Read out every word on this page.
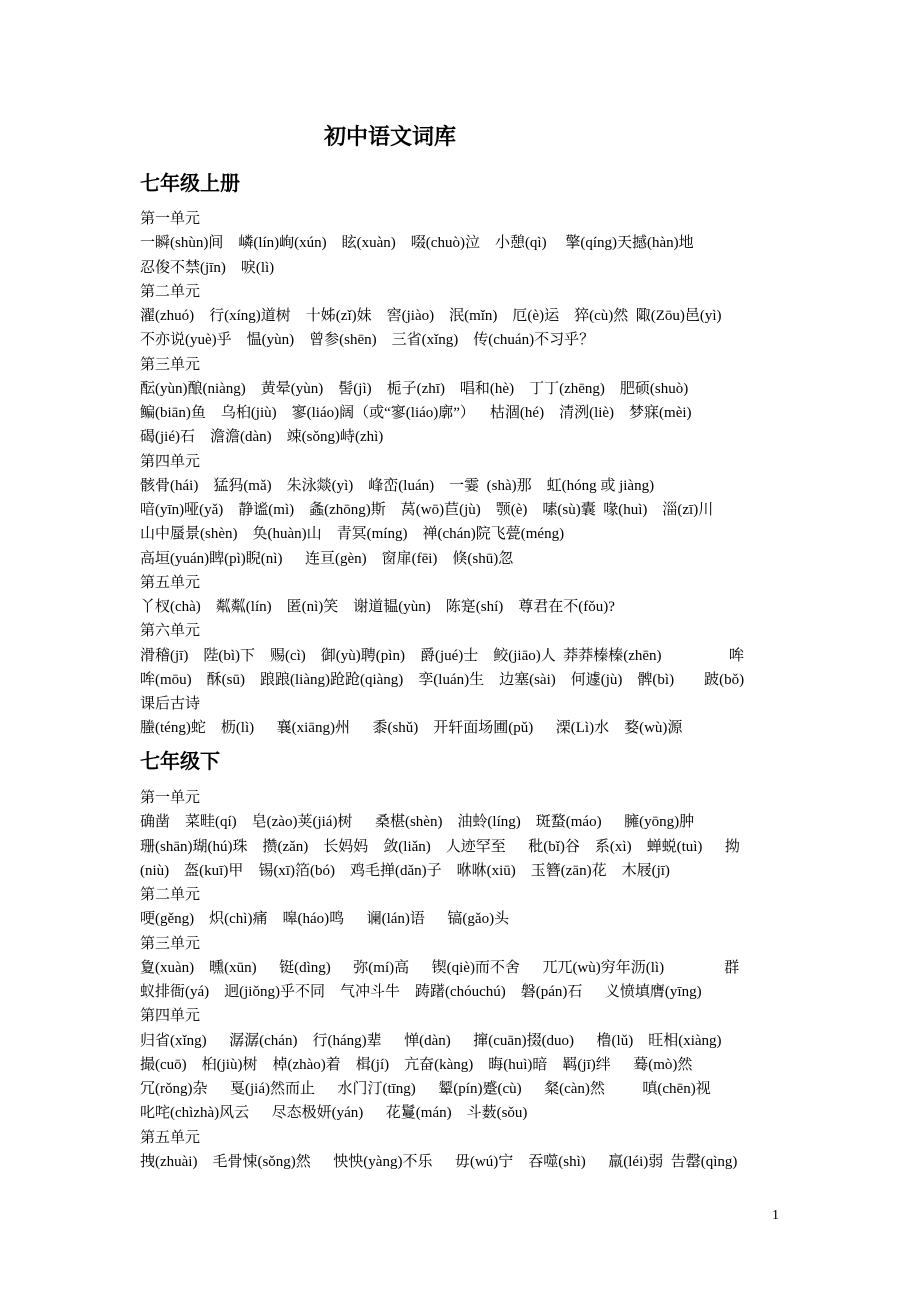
初中语文词库
七年级上册
第一单元
一瞬(shùn)间    嶙(lín)峋(xún)    眩(xuàn)    啜(chuò)泣    小憩(qì)     擎(qíng)天撼(hàn)地
忍俊不禁(jīn)    唳(lì)
第二单元
濯(zhuó)    行(xíng)道树    十姊(zǐ)妹    窖(jiào)    泯(mǐn)    厄(è)运    猝(cù)然  陬(Zōu)邑(yì)
不亦说(yuè)乎    愠(yùn)    曾参(shēn)    三省(xǐng)    传(chuán)不习乎？
第三单元
酝(yùn)酿(niàng)    黄晕(yùn)    髻(jì)    栀子(zhī)    唱和(hè)    丁丁(zhēng)    肥硕(shuò)
鳊(biān)鱼    乌桕(jiù)    寥(liáo)阔（或“寥(liáo)廓”）    枯涸(hé)    清洌(liè)    梦寐(mèi)
碣(jié)石    澹澹(dàn)    竦(sǒng)峙(zhì)
第四单元
骸骨(hái)    猛犸(mǎ)    朱泳燚(yì)    峰峦(luán)    一霎  (shà)那    虹(hóng 或 jiàng)
喑(yīn)哑(yǎ)    静谧(mì)    螽(zhōng)斯    莴(wō)苣(jù)    颚(è)    嗉(sù)囊  喙(huì)    淄(zī)川
山中蜃景(shèn)    奂(huàn)山    青冥(míng)    禅(chán)院飞甍(méng)
高垣(yuán)睥(pì)睨(nì)      连亘(gèn)    窗扉(fēi)    倏(shū)忽
第五单元
丫杈(chà)    粼粼(lín)    匿(nì)笑    谢道韫(yùn)    陈寔(shí)    尊君在不(fǒu)?
第六单元
滑稽(jī)    陛(bì)下    赐(cì)    御(yù)聘(pìn)    爵(jué)士    鲛(jiāo)人  莽莽榛榛(zhēn)                  哞
哞(mōu)    酥(sū)    踉踉(liàng)跄跄(qiàng)    孪(luán)生    边塞(sài)    何遽(jù)    髀(bì)        跛(bǒ)
课后古诗
螣(téng)蛇    枥(lì)      襄(xiāng)州      黍(shǔ)    开轩面场圃(pǔ)      溧(Lì)水    婺(wù)源
七年级下
第一单元
确凿    菜畦(qí)    皂(zào)荚(jiá)树      桑椹(shèn)    油蛉(líng)    斑蝥(máo)      臃(yōng)肿
珊(shān)瑚(hú)珠    攒(zǎn)    长妈妈    敛(liǎn)    人迹罕至      秕(bǐ)谷    系(xì)    蝉蜕(tuì)      拗
(niù)    盔(kuī)甲    锡(xī)箔(bó)    鸡毛掸(dǎn)子    咻咻(xiū)    玉簪(zān)花    木屐(jī)
第二单元
哽(gěng)    炽(chì)痛    嗥(háo)鸣      谰(lán)语      镐(gǎo)头
第三单元
夐(xuàn)    曛(xūn)      铤(dìng)      弥(mí)高      锲(qiè)而不舍      兀兀(wù)穷年沥(lì)                群
蚁排衙(yá)    迥(jiǒng)乎不同    气冲斗牛    踌躇(chóuchú)    磐(pán)石      义愤填膺(yīng)
第四单元
归省(xǐng)      潺潺(chán)    行(háng)辈      惮(dàn)      撺(cuān)掇(duo)      橹(lǔ)    旺相(xiàng)
撮(cuō)    桕(jiù)树    棹(zhào)着    楫(jí)    亢奋(kàng)    晦(huì)暗    羁(jī)绊      蓦(mò)然
冗(rǒng)杂      戛(jiá)然而止      水门汀(tīng)      颦(pín)蹙(cù)      粲(càn)然          嗔(chēn)视
叱咤(chìzhà)风云      尽态极妍(yán)      花鬘(mán)    斗薮(sǒu)
第五单元
拽(zhuài)    毛骨悚(sǒng)然      怏怏(yàng)不乐      毋(wú)宁    吞噬(shì)      羸(léi)弱  告罄(qìng)
1
